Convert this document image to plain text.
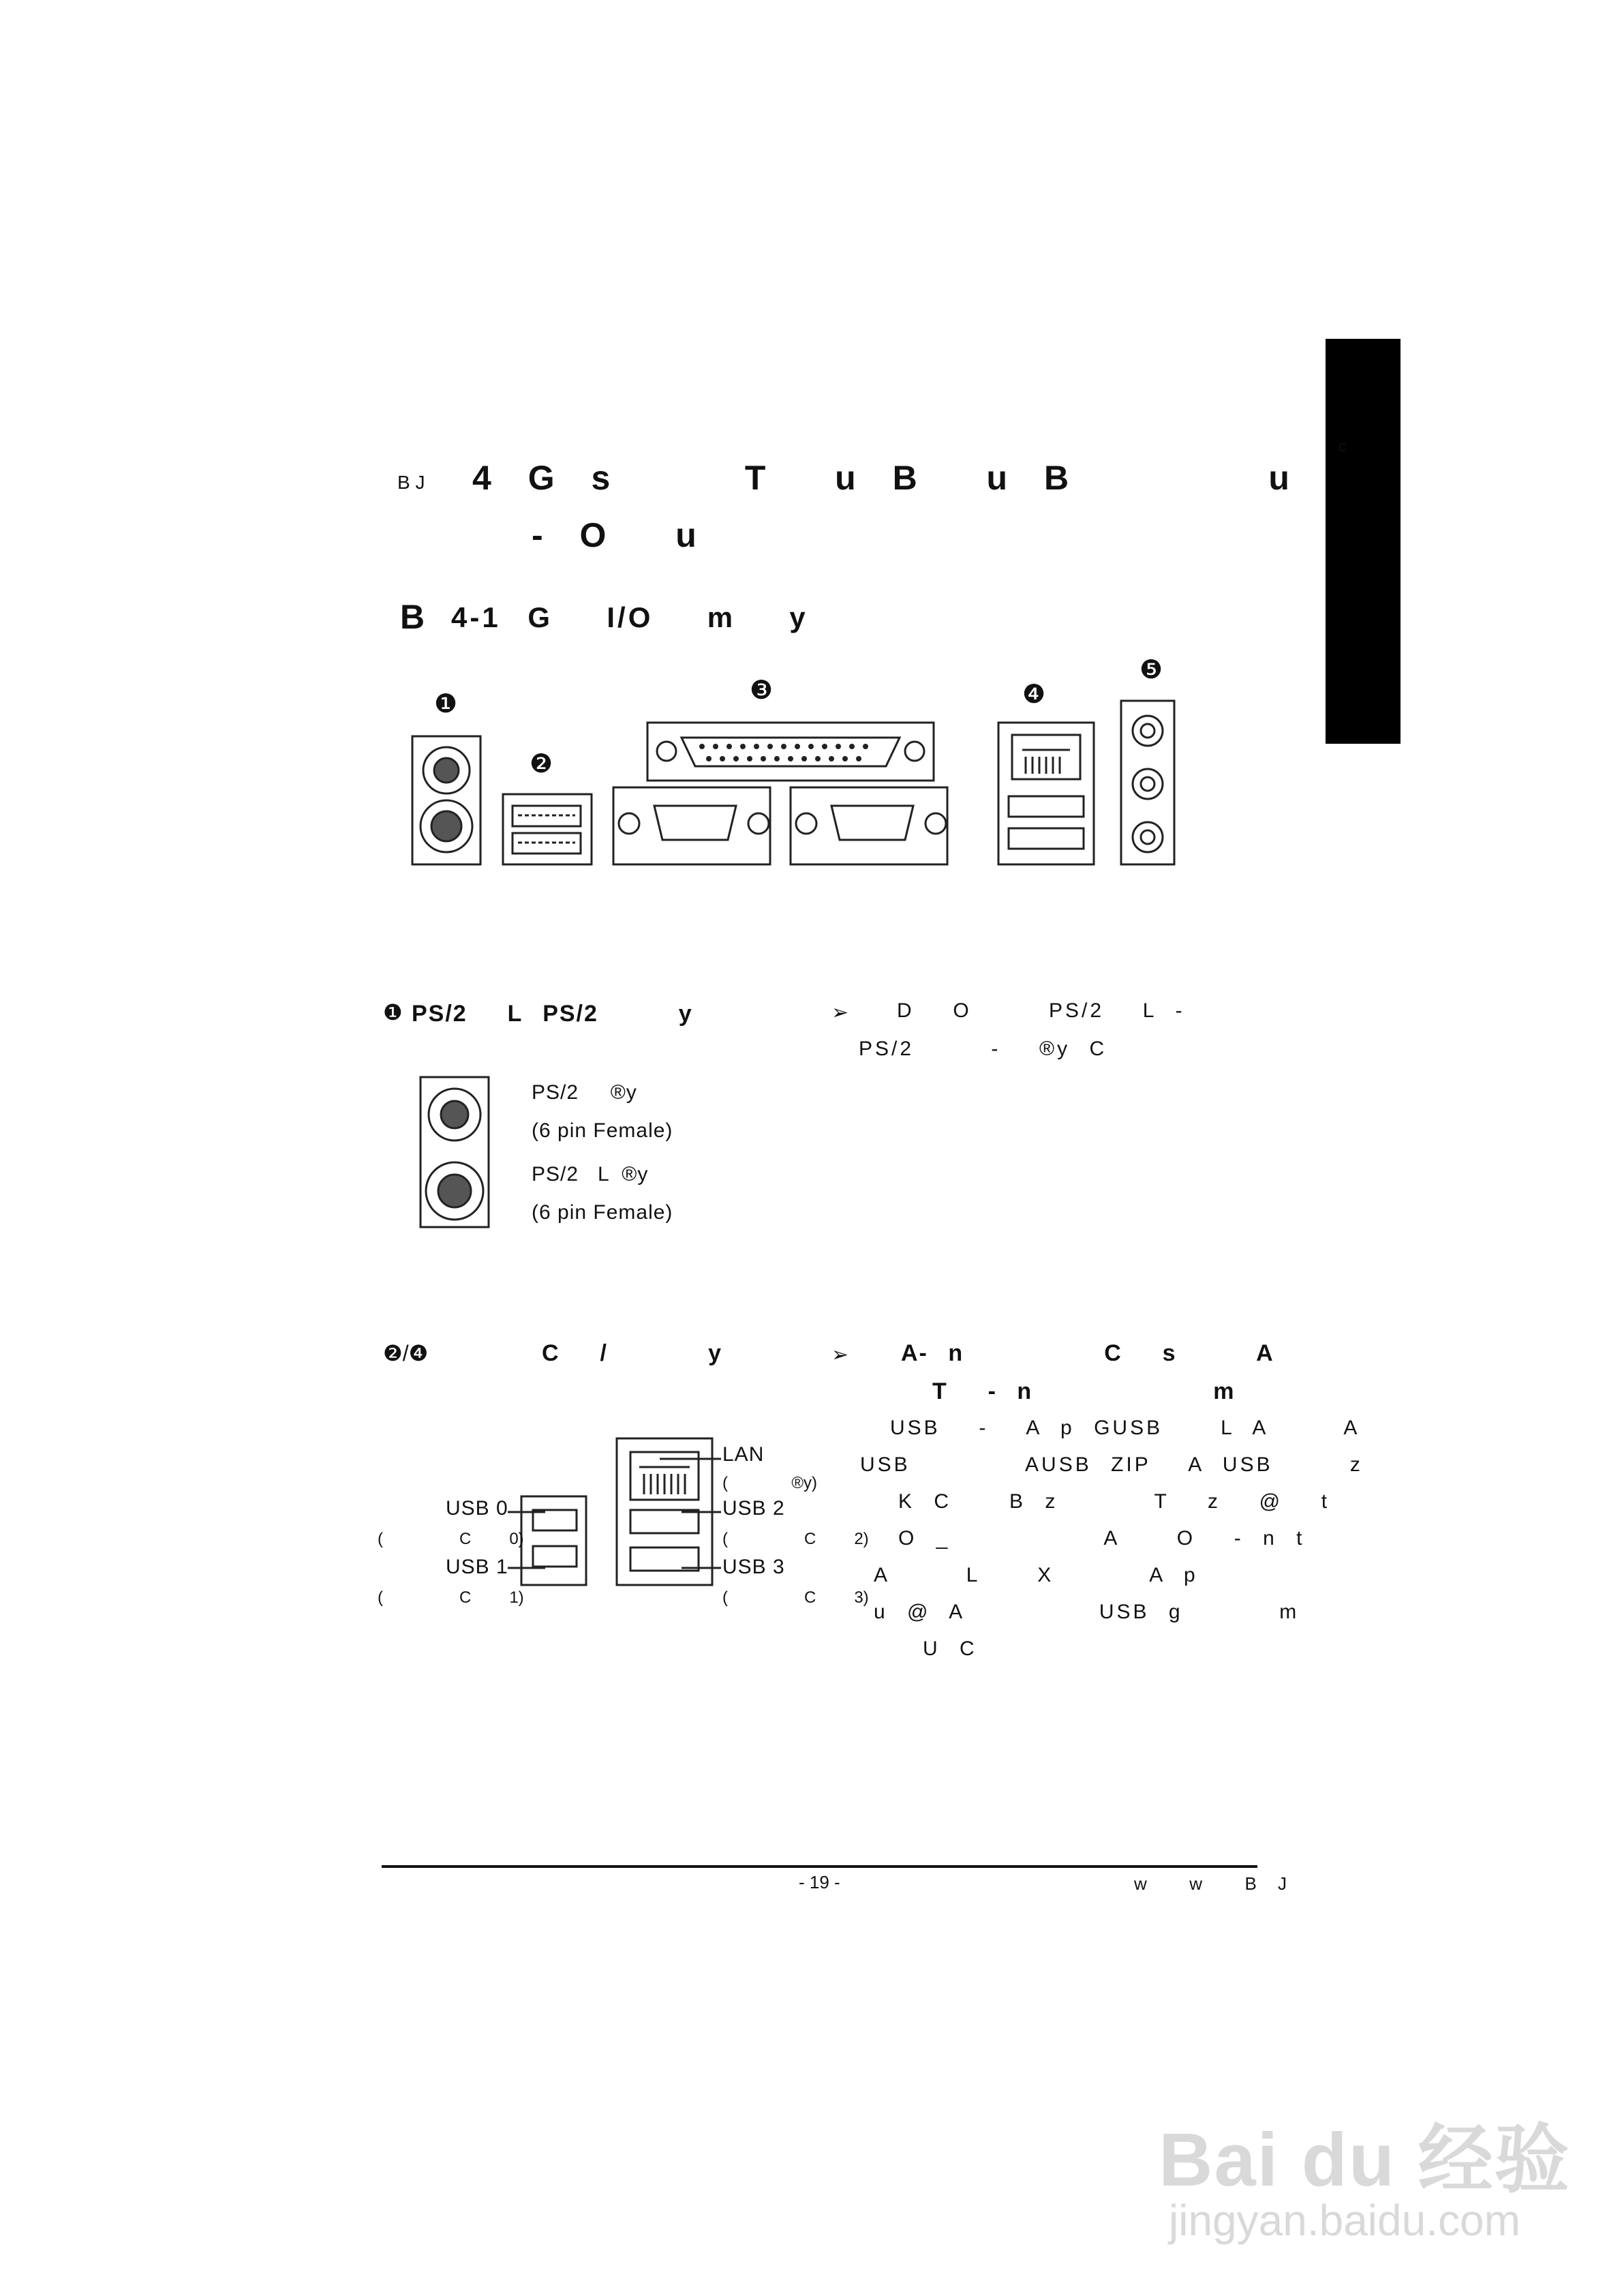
c
B J 4 G s    T  u B  u B      u
- O  u
B 4-1 G  I/O  m  y
❶
❷
❸	❹
❺
❶ PS/2  L PS/2    y	➢ D  O    PS/2  L -
PS/2    -  ®y C
PS/2     ®y
(6 pin Female)
PS/2   L  ®y
(6 pin Female)
❷/❹	C  /     y	➢ A- n       C  s    A
T  - n         m
USB  -  A p GUSB   L A    A
USB      AUSB ZIP  A USB    z
K C   B z     T  z  @  t
O _        A   O  - n t
A    L   X     A p
u @ A       USB g     m
U C
LAN
(     ®y)
USB 0
(      C   0)
USB 1
(      C   1)
USB 2
(      C   2)
USB 3
(      C   3)
- 19 -	w  w  B J
Bai du 经验
jingyan.baidu.com
